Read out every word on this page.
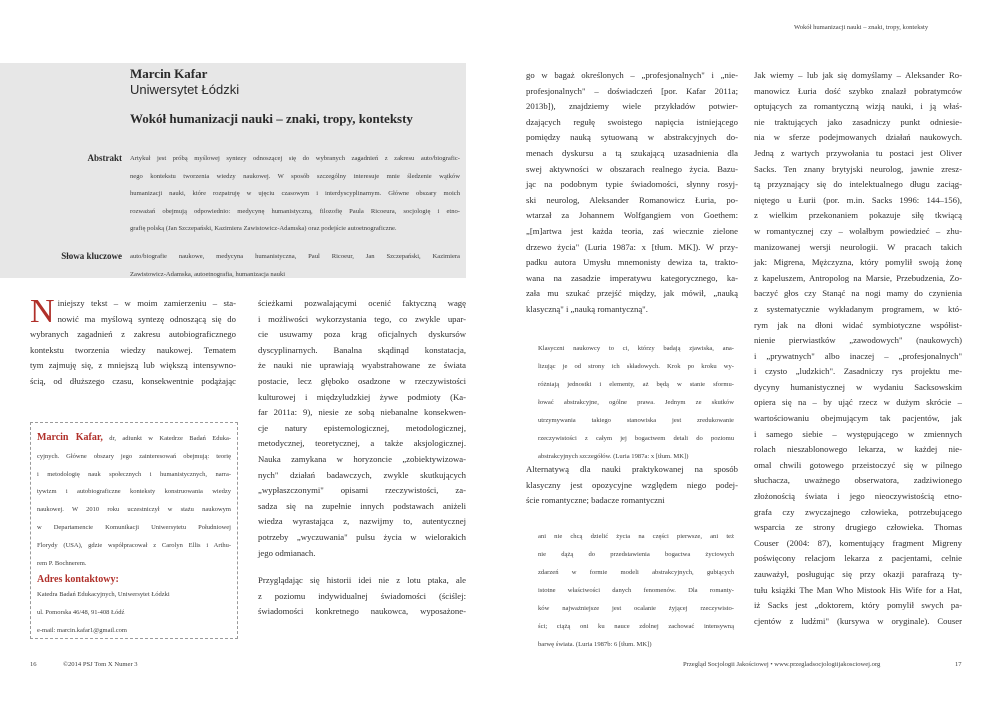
Marcin Kafar
Uniwersytet Łódzki
Wokół humanizacji nauki – znaki, tropy, konteksty
Abstrakt Artykuł jest próbą myślowej syntezy odnoszącej się do wybranych zagadnień z zakresu auto/biografic-
nego kontekstu tworzenia wiedzy naukowej. W sposób szczególny interesuje mnie śledzenie wątków
humanizacji nauki, które rozpatruję w ujęciu czasowym i interdyscyplinarnym. Główne obszary moich
rozważań obejmują odpowiednio: medycynę humanistyczną, filozofię Paula Ricoeura, socjologię i etno-
grafię polską (Jan Szczepański, Kazimiera Zawistowicz-Adamska) oraz podejście autoetnograficzne.
Słowa kluczowe auto/biografie naukowe, medycyna humanistyczna, Paul Ricoeur, Jan Szczepański, Kazimiera
Zawistowicz-Adamska, autoetnografia, humanizacja nauki
N iniejszy tekst – w moim zamierzeniu – sta-
nowić ma myślową syntezę odnoszącą się do
wybranych zagadnień z zakresu autobiograficznego
kontekstu tworzenia wiedzy naukowej. Tematem
tym zajmuję się, z mniejszą lub większą intensywno-
ścią, od dłuższego czasu, konsekwentnie podążając
Marcin Kafar, dr, adiunkt w Katedrze Badań Eduka-
cyjnych. Główne obszary jego zainteresowań obejmują: teorię
i metodologię nauk społecznych i humanistycznych, narra-
tywizm i autobiograficzne konteksty konstruowania wiedzy
naukowej. W 2010 roku uczestniczył w stażu naukowym
w Departamencie Komunikacji Uniwersytetu Południowej
Florydy (USA), gdzie współpracował z Carolyn Ellis i Arthu-
rem P. Bochnerem.
Adres kontaktowy:
Katedra Badań Edukacyjnych, Uniwersytet Łódzki
ul. Pomorska 46/48, 91-408 Łódź
e-mail: marcin.kafar1@gmail.com
ścieżkami pozwalającymi ocenić faktyczną wagę
i możliwości wykorzystania tego, co zwykle upar-
cie usuwamy poza krąg oficjalnych dyskursów
dyscyplinarnych. Banalna skądinąd konstatacja,
że nauki nie uprawiają wyabstrahowane ze świata
postacie, lecz głęboko osadzone w rzeczywistości
kulturowej i międzyludzkiej żywe podmioty (Ka-
far 2011a: 9), niesie ze sobą niebanalne konsekwen-
cje natury epistemologicznej, metodologicznej,
metodycznej, teoretycznej, a także aksjologicznej.
Nauka zamykana w horyzoncie „zobiektywizowa-
nych" działań badawczych, zwykle skutkujących
„wypłaszczonymi" opisami rzeczywistości, za-
sadza się na zupełnie innych podstawach aniżeli
wiedza wyrastająca z, nazwijmy to, autentycznej
potrzeby „wyczuwania" pulsu życia w wielorakich
jego odmianach.
Przyglądając się historii idei nie z lotu ptaka, ale
z poziomu indywidualnej świadomości (ściślej:
świadomości konkretnego naukowca, wyposażone-
16	©2014 PSJ Tom X Numer 3
Wokół humanizacji nauki – znaki, tropy, konteksty
go w bagaż określonych – „profesjonalnych" i „nie-
profesjonalnych" – doświadczeń [por. Kafar 2011a;
2013b]), znajdziemy wiele przykładów potwier-
dzających regułę swoistego napięcia istniejącego
pomiędzy nauką sytuowaną w abstrakcyjnych do-
menach dyskursu a tą szukającą uzasadnienia dla
swej aktywności w obszarach realnego życia. Bazu-
jąc na podobnym typie świadomości, słynny rosyj-
ski neurolog, Aleksander Romanowicz Łuria, po-
wtarzał za Johannem Wolfgangiem von Goethem:
„[m]artwa jest każda teoria, zaś wiecznie zielone
drzewo życia" (Luria 1987a: x [tłum. MK]). W przy-
padku autora Umysłu mnemonisty dewiza ta, trakto-
wana na zasadzie imperatywu kategorycznego, ka-
zała mu szukać przejść między, jak mówił, „nauką
klasyczną" i „nauką romantyczną".
Klasyczni naukowcy to ci, którzy badają zjawiska, ana-
lizując je od strony ich składowych. Krok po kroku wy-
różniają jednostki i elementy, aż będą w stanie sformu-
łować abstrakcyjne, ogólne prawa. Jednym ze skutków
utrzymywania takiego stanowiska jest zredukowanie
rzeczywistości z całym jej bogactwem detali do poziomu
abstrakcyjnych szczegółów. (Luria 1987a: x [tłum. MK])
Alternatywą dla nauki praktykowanej na sposób
klasyczny jest opozycyjne względem niego podej-
ście romantyczne; badacze romantyczni
ani nie chcą dzielić życia na części pierwsze, ani też
nie dążą do przedstawienia bogactwa życiowych
zdarzeń w formie modeli abstrakcyjnych, gubiących
istotne właściwości danych fenomenów. Dla romanty-
ków najważniejsze jest ocalanie żyjącej rzeczywisto-
ści; ciążą oni ku nauce zdolnej zachować intensywną
barwę świata. (Luria 1987b: 6 [tłum. MK])
Jak wiemy – lub jak się domyślamy – Aleksander Ro-
manowicz Łuria dość szybko znalazł pobratymców
optujących za romantyczną wizją nauki, i ją właś-
nie traktujących jako zasadniczy punkt odniesie-
nia w sferze podejmowanych działań naukowych.
Jedną z wartych przywołania tu postaci jest Oliver
Sacks. Ten znany brytyjski neurolog, jawnie zresz-
tą przyznający się do intelektualnego długu zaciąg-
niętego u Łurii (por. m.in. Sacks 1996: 144–156),
z wielkim przekonaniem pokazuje siłę tkwiącą
w romantycznej czy – wolałbym powiedzieć – zhu-
manizowanej wersji neurologii. W pracach takich
jak: Migrena, Mężczyzna, który pomylił swoją żonę
z kapeluszem, Antropolog na Marsie, Przebudzenia, Zo-
baczyć głos czy Stanąć na nogi mamy do czynienia
z systematycznie wykładanym programem, w któ-
rym jak na dłoni widać symbiotyczne współist-
nienie pierwiastków „zawodowych" (naukowych)
i „prywatnych" albo inaczej – „profesjonalnych"
i czysto „ludzkich". Zasadniczy rys projektu me-
dycyny humanistycznej w wydaniu Sacksowskim
opiera się na – by ująć rzecz w dużym skrócie –
wartościowaniu obejmującym tak pacjentów, jak
i samego siebie – występującego w zmiennych
rolach nieszablonowego lekarza, w każdej nie-
omal chwili gotowego przeistoczyć się w pilnego
słuchacza, uważnego obserwatora, zadziwionego
złożonością świata i jego nieoczywistością etno-
grafa czy zwyczajnego człowieka, potrzebującego
wsparcia ze strony drugiego człowieka. Thomas
Couser (2004: 87), komentujący fragment Migreny
poświęcony relacjom lekarza z pacjentami, celnie
zauważył, posługując się przy okazji parafrazą ty-
tułu książki The Man Who Mistook His Wife for a Hat,
iż Sacks jest „doktorem, który pomylił swych pa-
cjentów z ludźmi" (kursywa w oryginale). Couser
Przegląd Socjologii Jakościowej • www.przegladsocjologiijakosciowej.org	17
